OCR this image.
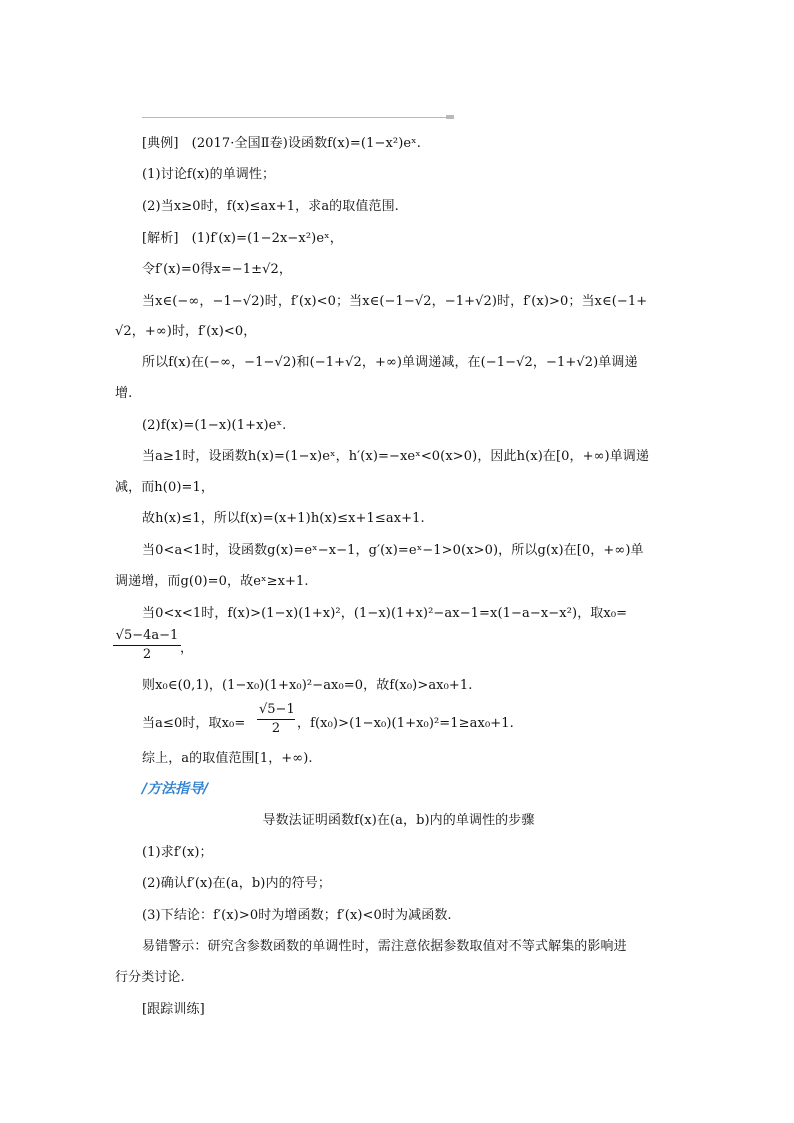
[典例]　(2017·全国Ⅱ卷)设函数f(x)=(1−x²)eˣ.
(1)讨论f(x)的单调性；
(2)当x≥0时，f(x)≤ax+1，求a的取值范围.
[解析]　(1)f′(x)=(1−2x−x²)eˣ，
令f′(x)=0得x=−1±√2，
当x∈(−∞，−1−√2)时，f′(x)<0；当x∈(−1−√2，−1+√2)时，f′(x)>0；当x∈(−1+
√2，+∞)时，f′(x)<0，
所以f(x)在(−∞，−1−√2)和(−1+√2，+∞)单调递减，在(−1−√2，−1+√2)单调递
增.
(2)f(x)=(1−x)(1+x)eˣ.
当a≥1时，设函数h(x)=(1−x)eˣ，h′(x)=−xeˣ<0(x>0)，因此h(x)在[0，+∞)单调递
减，而h(0)=1，
故h(x)≤1，所以f(x)=(x+1)h(x)≤x+1≤ax+1.
当0<a<1时，设函数g(x)=eˣ−x−1，g′(x)=eˣ−1>0(x>0)，所以g(x)在[0，+∞)单
调递增，而g(0)=0，故eˣ≥x+1.
当0<x<1时，f(x)>(1−x)(1+x)²，(1−x)(1+x)²−ax−1=x(1−a−x−x²)，取x₀=
$\frac{√5-4a-1}{2}$ ，
则x₀∈(0,1)，(1−x₀)(1+x₀)²−ax₀=0，故f(x₀)>ax₀+1.
当a≤0时，取$x_0= \frac{√5-1}{2}$ ，f(x₀)>(1−x₀)(1+x₀)²=1≥ax₀+1.
综上，a的取值范围[1，+∞).
/方法指导/
导数法证明函数f(x)在(a，b)内的单调性的步骤
(1)求f′(x)；
(2)确认f′(x)在(a，b)内的符号；
(3)下结论：f′(x)>0时为增函数；f′(x)<0时为减函数.
易错警示：研究含参数函数的单调性时，需注意依据参数取值对不等式解集的影响进
行分类讨论.
[跟踪训练]
